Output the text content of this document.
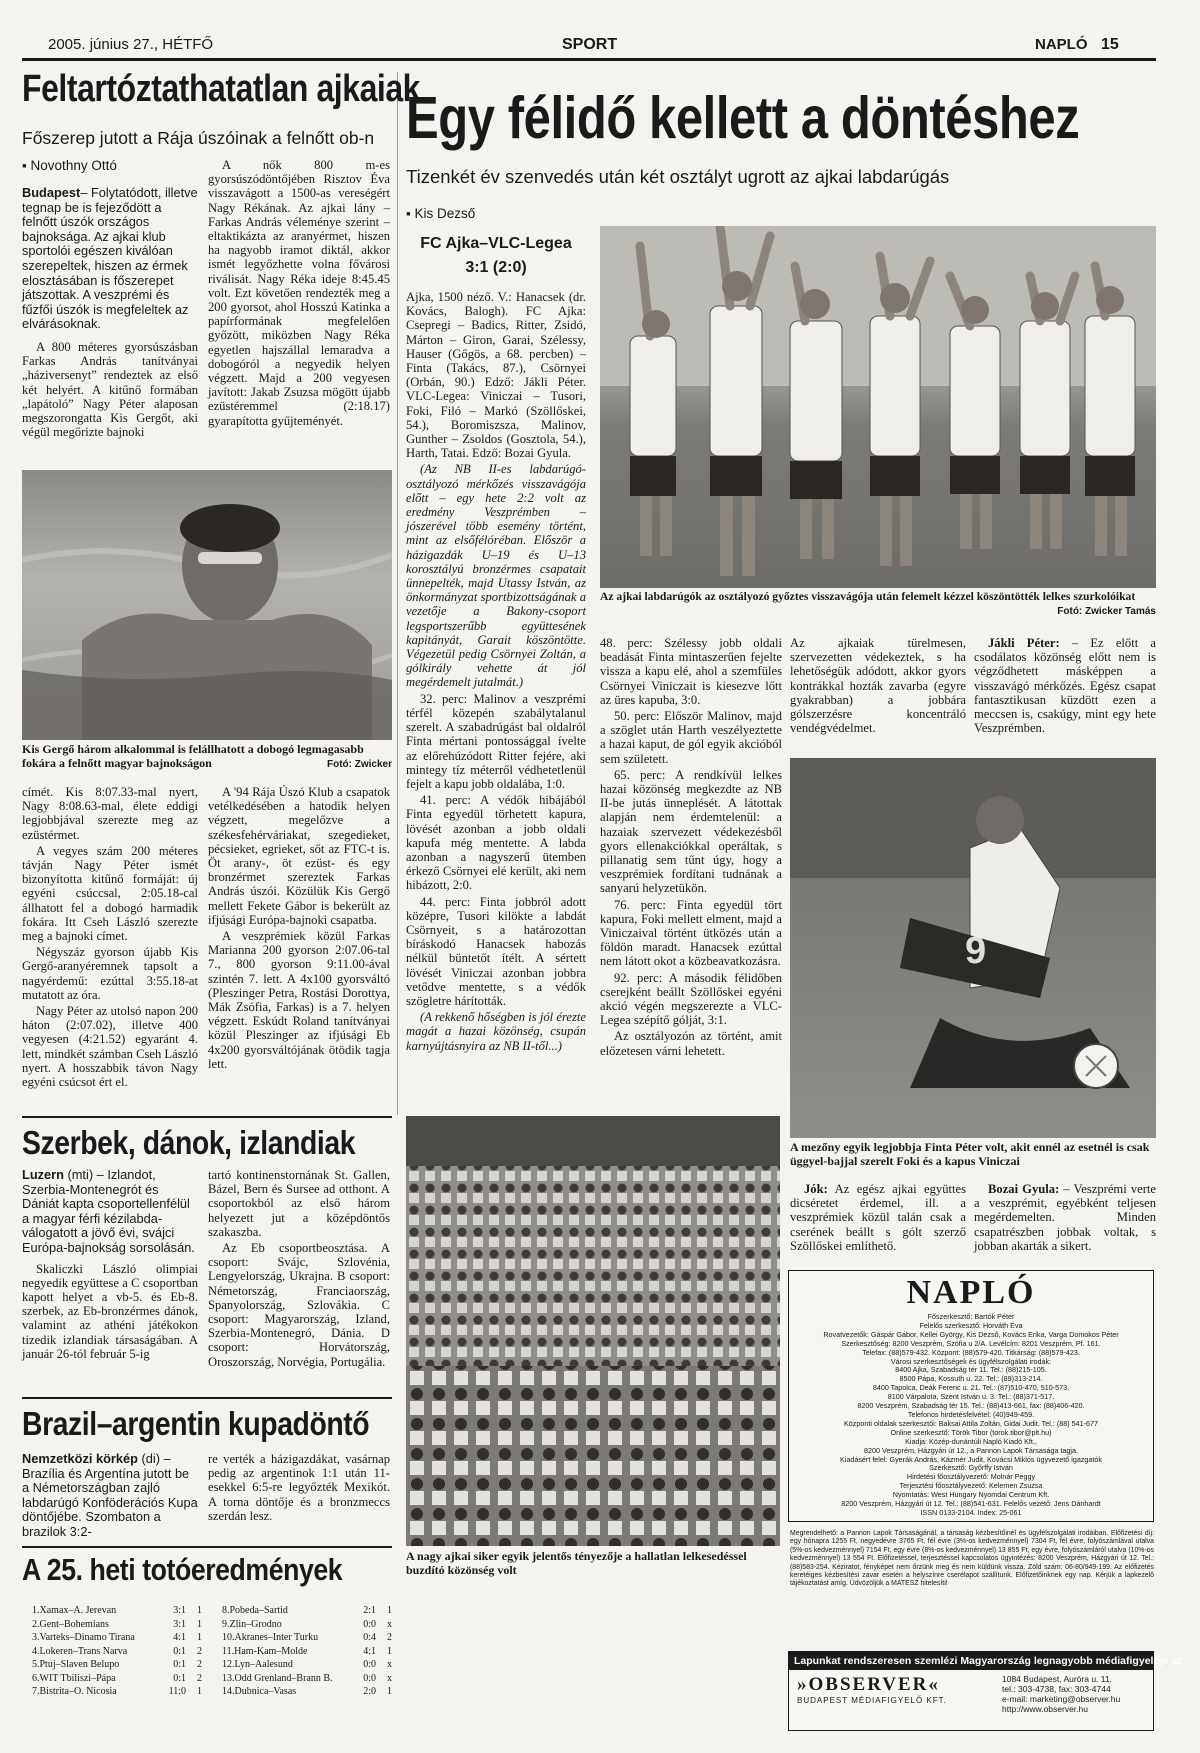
2005. június 27., HÉTFŐ	SPORT	NAPLÓ 15
Feltartóztathatatlan ajkaiak
Főszerep jutott a Rája úszóinak a felnőtt ob-n
▪ Novothny Ottó

Budapest– Folytatódott, illetve tegnap be is fejeződött a felnőtt úszók országos bajnoksága. Az ajkai klub sportolói egészen kiválóan szerepeltek, hiszen az érmek elosztásában is főszerepet játszottak. A veszprémi és fűzfői úszók is megfeleltek az elvárásoknak.

A 800 méteres gyorsúszásban Farkas András tanítványai „háziversenyt” rendeztek az első két helyért. A kitűnő formában „lapátoló” Nagy Péter alaposan megszorongatta Kis Gergőt, aki végül megőrizte bajnoki

A nők 800 m-es gyorsúszódöntőjében Risztov Éva visszavágott a 1500-as vereségért Nagy Rékának. Az ajkai lány – Farkas András véleménye szerint – eltaktikázta az aranyérmet, hiszen ha nagyobb iramot diktál, akkor ismét legyőzhette volna fővárosi riválisát. Nagy Réka ideje 8:45.45 volt. Ezt követően rendezték meg a 200 gyorsot, ahol Hosszú Katinka a papírformának megfelelően győzött, miközben Nagy Réka egyetlen hajszállal lemaradva a dobogóról a negyedik helyen végzett. Majd a 200 vegyesen javított: Jakab Zsuzsa mögött újabb ezüstéremmel (2:18.17) gyarapította gyűjteményét.

Kis Gergő három alkalommal is felállhatott a dobogó legmagasabb fokára a felnőtt magyar bajnokságon	Fotó: Zwicker

címét. Kis 8:07.33-mal nyert, Nagy 8:08.63-mal, élete eddigi legjobbjával szerezte meg az ezüstérmet.

A vegyes szám 200 méteres távján Nagy Péter ismét bizonyította kitűnő formáját: új egyéni csúccsal, 2:05.18-cal állhatott fel a dobogó harmadik fokára. Itt Cseh László szerezte meg a bajnoki címet.

Négyszáz gyorson újabb Kis Gergő-aranyéremnek tapsolt a nagyérdemű: ezúttal 3:55.18-at mutatott az óra.

Nagy Péter az utolsó napon 200 háton (2:07.02), illetve 400 vegyesen (4:21.52) egyaránt 4. lett, mindkét számban Cseh László nyert. A hosszabbik távon Nagy egyéni csúcsot ért el.

A '94 Rája Úszó Klub a csapatok vetélkedésében a hatodik helyen végzett, megelőzve a székesfehérváriakat, szegedieket, pécsieket, egrieket, sőt az FTC-t is. Öt arany-, öt ezüst- és egy bronzérmet szereztek Farkas András úszói. Közülük Kis Gergő mellett Fekete Gábor is bekerült az ifjúsági Európa-bajnoki csapatba.

A veszprémiek közül Farkas Marianna 200 gyorson 2:07.06-tal 7., 800 gyorson 9:11.00-ával szintén 7. lett. A 4x100 gyorsváltó (Pleszinger Petra, Rostási Dorottya, Mák Zsófia, Farkas) is a 7. helyen végzett. Eskúdt Roland tanítványai közül Pleszinger az ifjúsági Eb 4x200 gyorsváltójának ötödik tagja lett.

Szerbek, dánok, izlandiak

Luzern (mti) – Izlandot, Szerbia-Montenegrót és Dániát kapta csoportellenfélül a magyar férfi kézilabda-válogatott a jövő évi, svájci Európa-bajnokság sorsolásán.

Skaliczki László olimpiai negyedik együttese a C csoportban kapott helyet a vb-5. és Eb-8. szerbek, az Eb-bronzérmes dánok, valamint az athéni játékokon tizedik izlandiak társaságában. A január 26-tól február 5-ig

tartó kontinenstornának St. Gallen, Bázel, Bern és Sursee ad otthont. A csoportokból az első három helyezett jut a középdöntős szakaszba.

Az Eb csoportbeosztása. A csoport: Svájc, Szlovénia, Lengyelország, Ukrajna. B csoport: Németország, Franciaország, Spanyolország, Szlovákia. C csoport: Magyarország, Izland, Szerbia-Montenegró, Dánia. D csoport: Horvátország, Oroszország, Norvégia, Portugália.

Brazil–argentin kupadöntő

Nemzetközi körkép (di) – Brazília és Argentína jutott be a Németországban zajló labdarúgó Konföderációs Kupa döntőjébe. Szombaton a brazilok 3:2-

re verték a házigazdákat, vasárnap pedig az argentinok 1:1 után 11-esekkel 6:5-re legyőzték Mexikót. A torna döntője és a bronzmeccs szerdán lesz.

A 25. heti totóeredmények
1.Xamax–A. Jerevan	3:1	1
2.Gent–Bohemians	3:1	1
3.Varteks–Dinamo Tirana	4:1	1
4.Lokeren–Trans Narva	0:1	2
5.Ptuj–Slaven Belupo	0:1	2
6.WIT Tbiliszi–Pápa	0:1	2
7.Bistrita–O. Nicosia	11:0	1
8.Pobeda–Sartid	2:1	1
9.Zlin–Grodno	0:0	x
10.Akranes–Inter Turku	0:4	2
11.Ham-Kam–Molde	4:1	1
12.Lyn–Aalesund	0:0	x
13.Odd Grenland–Brann B.	0:0	x
14.Dubnica–Vasas	2:0	1
Egy félidő kellett a döntéshez
Tizenkét év szenvedés után két osztályt ugrott az ajkai labdarúgás
▪ Kis Dezső
FC Ajka–VLC-Legea
3:1 (2:0)

Ajka, 1500 néző. V.: Hanacsek (dr. Kovács, Balogh). FC Ajka: Csepregi – Badics, Ritter, Zsidó, Márton – Giron, Garai, Szélessy, Hauser (Gőgös, a 68. percben) – Finta (Takács, 87.), Csörnyei (Orbán, 90.) Edző: Jákli Péter. VLC-Legea: Viniczai – Tusori, Foki, Filó – Markó (Szöllőskei, 54.), Boromiszsza, Malinov, Gunther – Zsoldos (Gosztola, 54.), Harth, Tatai. Edző: Bozai Gyula.

(Az NB II-es labdarúgó-osztályozó mérkőzés visszavágója előtt – egy hete 2:2 volt az eredmény Veszprémben – jószerével több esemény történt, mint az elsőfélóréban. Először a házigazdák U–19 és U–13 korosztályú bronzérmes csapatait ünnepelték, majd Utassy István, az önkormányzat sportbizottságának a vezetője a Bakony-csoport legsportszerűbb együttesének kapitányát, Garait köszöntötte. Végezetül pedig Csörnyei Zoltán, a gólkirály vehette át jól megérdemelt jutalmát.)

32. perc: Malinov a veszprémi térfél közepén szabálytalanul szerelt. A szabadrúgást bal oldalról Finta mértani pontossággal ívelte az előrehúzódott Ritter fejére, aki mintegy tíz méterről védhetetlenül fejelt a kapu jobb oldalába, 1:0.

41. perc: A védők hibájából Finta egyedül törhetett kapura, lövését azonban a jobb oldali kapufa még mentette. A labda azonban a nagyszerű ütemben érkező Csörnyei elé került, aki nem hibázott, 2:0.

44. perc: Finta jobbról adott középre, Tusori kilökte a labdát Csörnyeit, s a határozottan bíráskodó Hanacsek habozás nélkül büntetőt ítélt. A sértett lövését Viniczai azonban jobbra vetődve mentette, s a védők szögletre hárították.

(A rekkenő hőségben is jól érezte magát a hazai közönség, csupán karnyújtásnyira az NB II-től...)

Az ajkai labdarúgók az osztályozó győztes visszavágója után felemelt kézzel köszöntötték lelkes szurkolóikat
Fotó: Zwicker Tamás

48. perc: Szélessy jobb oldali beadását Finta mintaszerűen fejelte vissza a kapu elé, ahol a szemfüles Csörnyei Viniczait is kiesezve lőtt az üres kapuba, 3:0.

50. perc: Először Malinov, majd a szöglet után Harth veszélyeztette a hazai kaput, de gól egyik akcióból sem született.

65. perc: A rendkívül lelkes hazai közönség megkezdte az NB II-be jutás ünneplését. A látottak alapján nem érdemtelenül: a hazaiak szervezett védekezésből gyors ellenakciókkal operáltak, s pillanatig sem tűnt úgy, hogy a veszprémiek fordítani tudnának a sanyarú helyzetükön.

76. perc: Finta egyedül tört kapura, Foki mellett elment, majd a Viniczaival történt ütközés után a földön maradt. Hanacsek ezúttal nem látott okot a közbeavatkozásra.

92. perc: A második félidőben cserejként beállt Szöllőskei egyéni akció végén megszerezte a VLC-Legea szépítő gólját, 3:1.

Az osztályozón az történt, amit előzetesen várni lehetett.

Az ajkaiak türelmesen, szervezetten védekeztek, s ha lehetőségük adódott, akkor gyors kontrákkal hozták zavarba (egyre gyakrabban) a jobbára gólszerzésre koncentráló vendégvédelmet.

Jákli Péter: – Ez előtt a csodálatos közönség előtt nem is végződhetett másképpen a visszavágó mérkőzés. Egész csapat fantasztikusan küzdött ezen a meccsen is, csakúgy, mint egy hete Veszprémben.

9
A mezőny egyik legjobbja Finta Péter volt, akit ennél az esetnél is csak üggyel-bajjal szerelt Foki és a kapus Viniczai

Jók: Az egész ajkai együttes dicséretet érdemel, ill. a veszprémiek közül talán csak a cserének beállt s gólt szerző Szöllőskei említhető.

Bozai Gyula: – Veszprémi verte a veszprémit, egyébként teljesen megérdemelten. Minden csapatrészben jobbak voltak, s jobban akarták a sikert.

A nagy ajkai siker egyik jelentős tényezője a hallatlan lelkesedéssel buzdító közönség volt
NAPLÓ
Főszerkesztő: Bartók Péter
Felelős szerkesztő: Horváth Éva
Rovatvezetők: Gáspár Gábor, Kellei György, Kis Dezső, Kovács Erika, Varga Domokos Péter
Szerkesztőség: 8200 Veszprém, Szófia u 2/A. Levélcím: 8201 Veszprém, Pf. 161.
Telefax: (88)579-432. Központ: (88)579-420. Titkárság: (88)579-423.
Városi szerkesztőségek és ügyfélszolgálati irodák:
8400 Ajka, Szabadság tér 11. Tel.: (88)215-105.
8500 Pápa, Kossuth u. 22. Tel.: (89)313-214.
8400 Tapolca, Deák Ferenc u. 21. Tel.: (87)510-470, 510-573.
8100 Várpalota, Szent István u. 3. Tel.: (88)371-517.
8200 Veszprém, Szabadság tér 15. Tel.: (88)413-661, fax: (88)406-420.
Telefonos hirdetésfelvétel: (40)949-459.
Központi oldalak szerkesztői: Baksai Attila Zoltán, Gidai Judit. Tel.: (88) 541-677
Online szerkesztő: Török Tibor (torok.tibor@plt.hu)
Kiadja: Közép-dunántúli Napló Kiadó Kft.,
8200 Veszprém, Házgyári út 12., a Pannon Lapok Társasága tagja.
Kiadásért felel: Gyerák András, Kázmér Judit, Kovácsi Miklós ügyvezető igazgatók
Szerkesztő: Győrffy István
Hirdetési főosztályvezető: Molnár Peggy
Terjesztési főosztályvezető: Kelemen Zsuzsa
Nyomtatás: West Hungary Nyomdai Centrum Kft.
8200 Veszprém, Házgyári út 12. Tel.: (88)541-631. Felelős vezető: Jens Dánhardt
ISSN 0133-2104. Index: 25-061
Megrendelhető: a Pannon Lapok Társaságánál, a társaság kézbesítőinél és ügyfélszolgálati irodáiban. Előfizetési díj: egy hónapra 1255 Ft, negyedévre 3765 Ft, fél évre (3%-os kedvezménnyel) 7304 Ft, fél évre, folyószámlával utalva (5%-os kedvezménnyel) 7154 Ft, egy évre (8%-os kedvezménnyel) 13 855 Ft, egy évre, folyószámláról utalva (10%-os kedvezménnyel) 13 554 Ft. Előfizetéssel, terjesztéssel kapcsolatos ügyintézés: 8200 Veszprém, Házgyári út 12. Tel.: (88)583-254. Kéziratot, fényképet nem őrzünk meg és nem küldünk vissza. Zöld szám: 06-80/949-199. Az előfizetés keretéiges kézbesítési zavar esetén a helyszínre cserélapot szállítunk. Előfizetőinknek egy nap. Kérjük a lapkezelő tájékoztatást amíg. Üdvözöljük a MATESZ hitelesíti!
Lapunkat rendszeresen szemlézi Magyarország legnagyobb médiafigyelője az
»OBSERVER«
BUDAPEST MÉDIAFIGYELŐ KFT.
1084 Budapest, Auróra u. 11.
tel.: 303-4738, fax: 303-4744
e-mail: marketing@observer.hu
http://www.observer.hu
